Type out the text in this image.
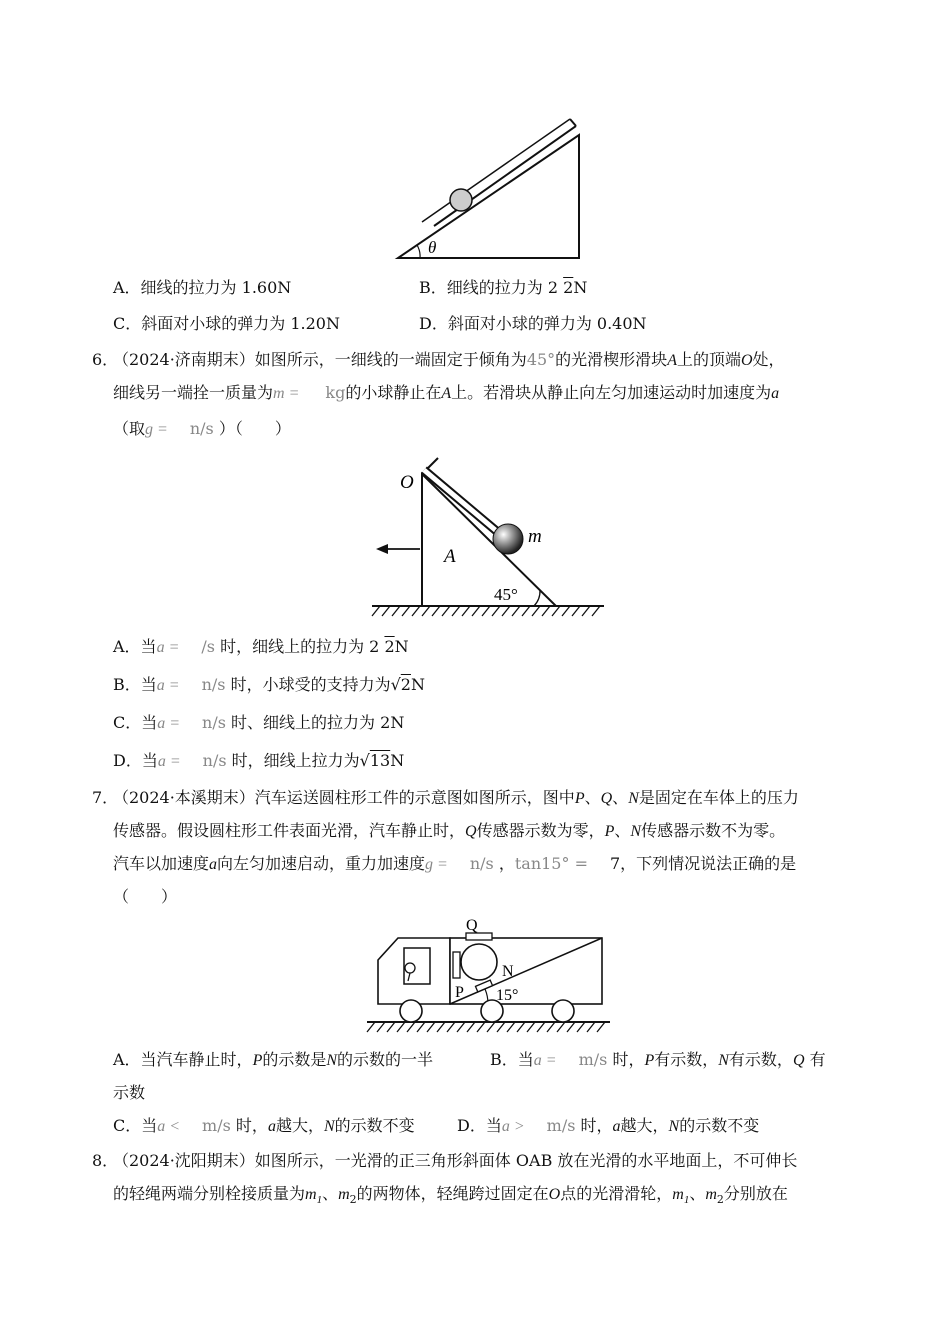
θ
A．细线的拉力为 1.60N	B．细线的拉力为 2 2N
C．斜面对小球的弹力为 1.20N	D．斜面对小球的弹力为 0.40N
6．
（2024·济南期末）如图所示，一细线的一端固定于倾角为45°的光滑楔形滑块A上的顶端O处，
细线另一端拴一质量为m = kg的小球静止在A上。若滑块从静止向左匀加速运动时加速度为a
（取g = n/s ）（　　）
O
m
A
45°
A．当a = /s 时，细线上的拉力为 2 2N
B．当a = n/s 时，小球受的支持力为√2N
C．当a = n/s 时、细线上的拉力为 2N
D．当a = n/s 时，细线上拉力为√13N
7．
（2024·本溪期末）汽车运送圆柱形工件的示意图如图所示，图中P、Q、N是固定在车体上的压力
传感器。假设圆柱形工件表面光滑，汽车静止时，Q传感器示数为零，P、N传感器示数不为零。
汽车以加速度a向左匀加速启动，重力加速度g = n/s ，tan15° = 7，下列情况说法正确的是
（　　）
Q
N
P 15°
A．当汽车静止时，P的示数是N的示数的一半	B．当a = m/s 时，P有示数，N有示数，Q 有
示数
C．当a < m/s 时，a越大，N的示数不变	D．当a > m/s 时，a越大，N的示数不变
8．
（2024·沈阳期末）如图所示，一光滑的正三角形斜面体 OAB 放在光滑的水平地面上，不可伸长
的轻绳两端分别栓接质量为$m_1$、$m_2$的两物体，轻绳跨过固定在O点的光滑滑轮，$m_1$、$m_2$分别放在
